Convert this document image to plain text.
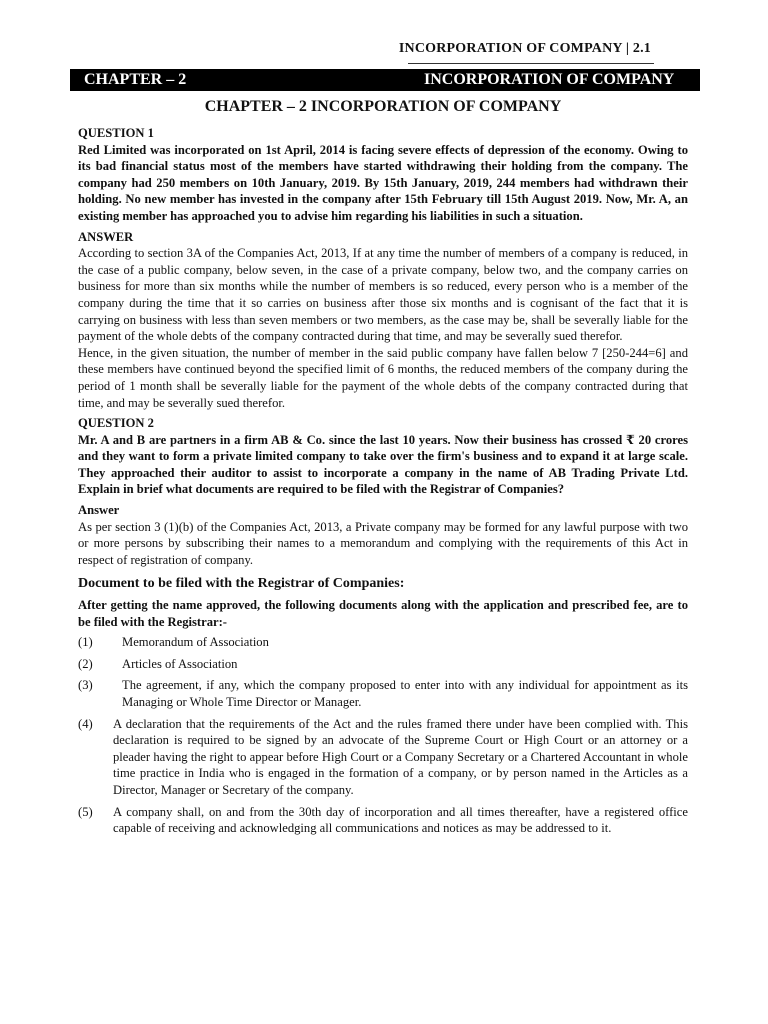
INCORPORATION OF COMPANY | 2.1
CHAPTER – 2	INCORPORATION OF COMPANY
CHAPTER – 2 INCORPORATION OF COMPANY
QUESTION 1
Red Limited was incorporated on 1st April, 2014 is facing severe effects of depression of the economy. Owing to its bad financial status most of the members have started withdrawing their holding from the company. The company had 250 members on 10th January, 2019. By 15th January, 2019, 244 members had withdrawn their holding. No new member has invested in the company after 15th February till 15th August 2019. Now, Mr. A, an existing member has approached you to advise him regarding his liabilities in such a situation.
ANSWER
According to section 3A of the Companies Act, 2013, If at any time the number of members of a company is reduced, in the case of a public company, below seven, in the case of a private company, below two, and the company carries on business for more than six months while the number of members is so reduced, every person who is a member of the company during the time that it so carries on business after those six months and is cognisant of the fact that it is carrying on business with less than seven members or two members, as the case may be, shall be severally liable for the payment of the whole debts of the company contracted during that time, and may be severally sued therefor.
Hence, in the given situation, the number of member in the said public company have fallen below 7 [250-244=6] and these members have continued beyond the specified limit of 6 months, the reduced members of the company during the period of 1 month shall be severally liable for the payment of the whole debts of the company contracted during that time, and may be severally sued therefor.
QUESTION 2
Mr. A and B are partners in a firm AB & Co. since the last 10 years. Now their business has crossed ₹ 20 crores and they want to form a private limited company to take over the firm's business and to expand it at large scale. They approached their auditor to assist to incorporate a company in the name of AB Trading Private Ltd. Explain in brief what documents are required to be filed with the Registrar of Companies?
Answer
As per section 3 (1)(b) of the Companies Act, 2013, a Private company may be formed for any lawful purpose with two or more persons by subscribing their names to a memorandum and complying with the requirements of this Act in respect of registration of company.
Document to be filed with the Registrar of Companies:
After getting the name approved, the following documents along with the application and prescribed fee, are to be filed with the Registrar:-
(1)	Memorandum of Association
(2)	Articles of Association
(3)	The agreement, if any, which the company proposed to enter into with any individual for appointment as its Managing or Whole Time Director or Manager.
(4)	A declaration that the requirements of the Act and the rules framed there under have been complied with. This declaration is required to be signed by an advocate of the Supreme Court or High Court or an attorney or a pleader having the right to appear before High Court or a Company Secretary or a Chartered Accountant in whole time practice in India who is engaged in the formation of a company, or by person named in the Articles as a Director, Manager or Secretary of the company.
(5)	A company shall, on and from the 30th day of incorporation and all times thereafter, have a registered office capable of receiving and acknowledging all communications and notices as may be addressed to it.
